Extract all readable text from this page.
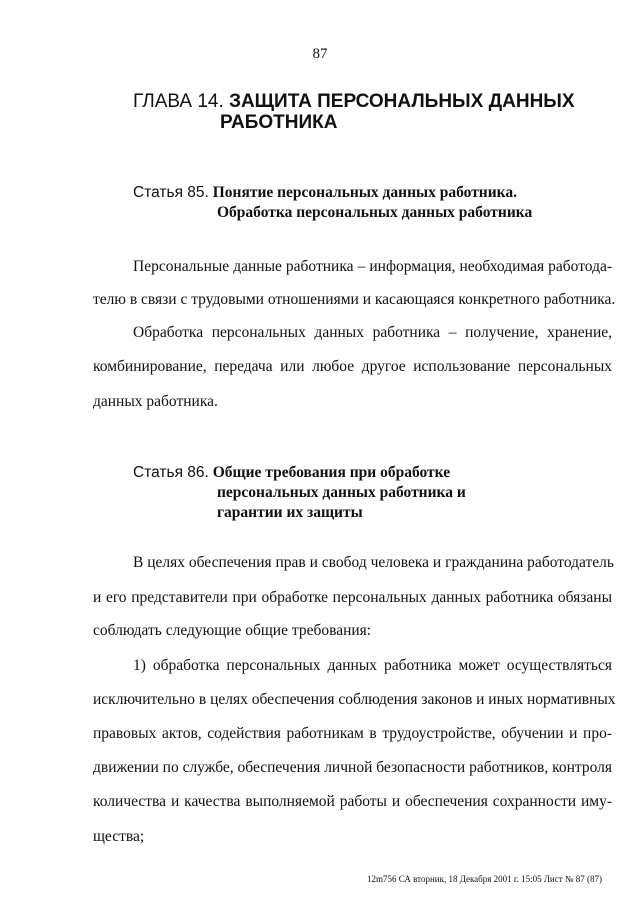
87
ГЛАВА 14. ЗАЩИТА ПЕРСОНАЛЬНЫХ ДАННЫХ
РАБОТНИКА
Статья 85. Понятие персональных данных работника.
Обработка персональных данных работника
Персональные данные работника – информация, необходимая работода-
телю в связи с трудовыми отношениями и касающаяся конкретного работника.
Обработка персональных данных работника – получение, хранение,
комбинирование, передача или любое другое использование персональных
данных работника.
Статья 86. Общие требования при обработке
персональных данных работника и
гарантии их защиты
В целях обеспечения прав и свобод человека и гражданина работодатель
и его представители при обработке персональных данных работника обязаны
соблюдать следующие общие требования:
1) обработка персональных данных работника может осуществляться
исключительно в целях обеспечения соблюдения законов и иных нормативных
правовых актов, содействия работникам в трудоустройстве, обучении и про-
движении по службе, обеспечения личной безопасности работников, контроля
количества и качества выполняемой работы и обеспечения сохранности иму-
щества;
12m756 СА вторник, 18 Декабря 2001 г. 15:05 Лист № 87 (87)
